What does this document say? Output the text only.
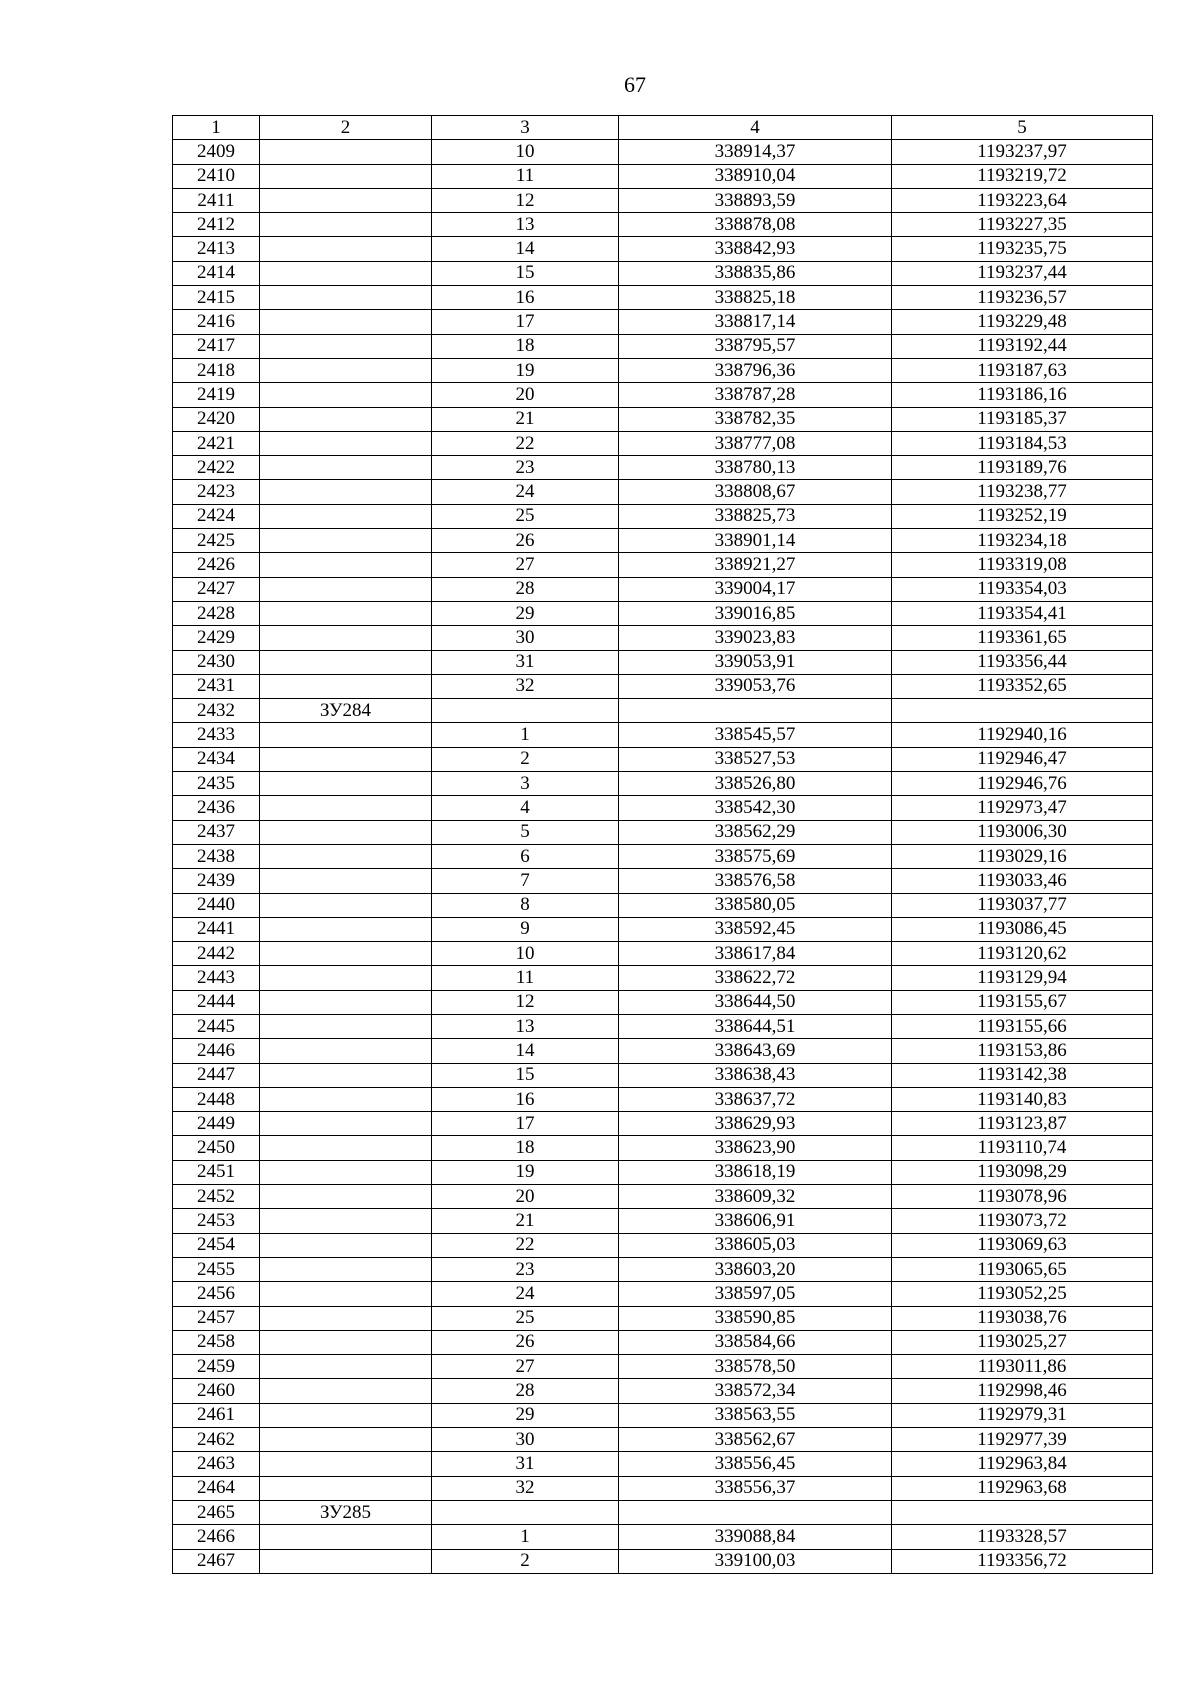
67
1	2	3	4	5
2409		10	338914,37	1193237,97
2410		11	338910,04	1193219,72
2411		12	338893,59	1193223,64
2412		13	338878,08	1193227,35
2413		14	338842,93	1193235,75
2414		15	338835,86	1193237,44
2415		16	338825,18	1193236,57
2416		17	338817,14	1193229,48
2417		18	338795,57	1193192,44
2418		19	338796,36	1193187,63
2419		20	338787,28	1193186,16
2420		21	338782,35	1193185,37
2421		22	338777,08	1193184,53
2422		23	338780,13	1193189,76
2423		24	338808,67	1193238,77
2424		25	338825,73	1193252,19
2425		26	338901,14	1193234,18
2426		27	338921,27	1193319,08
2427		28	339004,17	1193354,03
2428		29	339016,85	1193354,41
2429		30	339023,83	1193361,65
2430		31	339053,91	1193356,44
2431		32	339053,76	1193352,65
2432	ЗУ284			
2433		1	338545,57	1192940,16
2434		2	338527,53	1192946,47
2435		3	338526,80	1192946,76
2436		4	338542,30	1192973,47
2437		5	338562,29	1193006,30
2438		6	338575,69	1193029,16
2439		7	338576,58	1193033,46
2440		8	338580,05	1193037,77
2441		9	338592,45	1193086,45
2442		10	338617,84	1193120,62
2443		11	338622,72	1193129,94
2444		12	338644,50	1193155,67
2445		13	338644,51	1193155,66
2446		14	338643,69	1193153,86
2447		15	338638,43	1193142,38
2448		16	338637,72	1193140,83
2449		17	338629,93	1193123,87
2450		18	338623,90	1193110,74
2451		19	338618,19	1193098,29
2452		20	338609,32	1193078,96
2453		21	338606,91	1193073,72
2454		22	338605,03	1193069,63
2455		23	338603,20	1193065,65
2456		24	338597,05	1193052,25
2457		25	338590,85	1193038,76
2458		26	338584,66	1193025,27
2459		27	338578,50	1193011,86
2460		28	338572,34	1192998,46
2461		29	338563,55	1192979,31
2462		30	338562,67	1192977,39
2463		31	338556,45	1192963,84
2464		32	338556,37	1192963,68
2465	ЗУ285			
2466		1	339088,84	1193328,57
2467		2	339100,03	1193356,72
